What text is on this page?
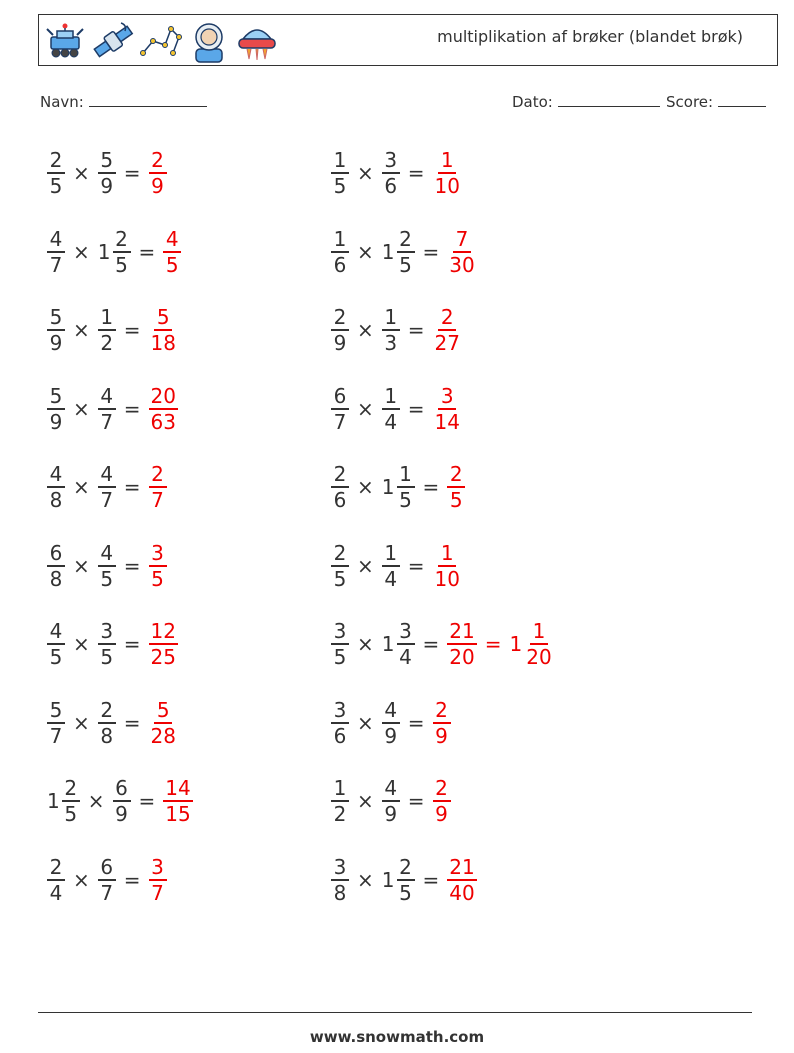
multiplikation af brøker (blandet brøk)
Navn:	Dato:	Score:
$\frac{2}{5} \times \frac{5}{9} = \frac{2}{9}$	$\frac{1}{5} \times \frac{3}{6} = \frac{1}{10}$
$\frac{4}{7} \times 1 \frac{2}{5} = \frac{4}{5}$	$\frac{1}{6} \times 1 \frac{2}{5} = \frac{7}{30}$
$\frac{5}{9} \times \frac{1}{2} = \frac{5}{18}$	$\frac{2}{9} \times \frac{1}{3} = \frac{2}{27}$
$\frac{5}{9} \times \frac{4}{7} = \frac{20}{63}$	$\frac{6}{7} \times \frac{1}{4} = \frac{3}{14}$
$\frac{4}{8} \times \frac{4}{7} = \frac{2}{7}$	$\frac{2}{6} \times 1 \frac{1}{5} = \frac{2}{5}$
$\frac{6}{8} \times \frac{4}{5} = \frac{3}{5}$	$\frac{2}{5} \times \frac{1}{4} = \frac{1}{10}$
$\frac{4}{5} \times \frac{3}{5} = \frac{12}{25}$	$\frac{3}{5} \times 1 \frac{3}{4} = \frac{21}{20} = 1 \frac{1}{20}$
$\frac{5}{7} \times \frac{2}{8} = \frac{5}{28}$	$\frac{3}{6} \times \frac{4}{9} = \frac{2}{9}$
$1 \frac{2}{5} \times \frac{6}{9} = \frac{14}{15}$	$\frac{1}{2} \times \frac{4}{9} = \frac{2}{9}$
$\frac{2}{4} \times \frac{6}{7} = \frac{3}{7}$	$\frac{3}{8} \times 1 \frac{2}{5} = \frac{21}{40}$
www.snowmath.com
